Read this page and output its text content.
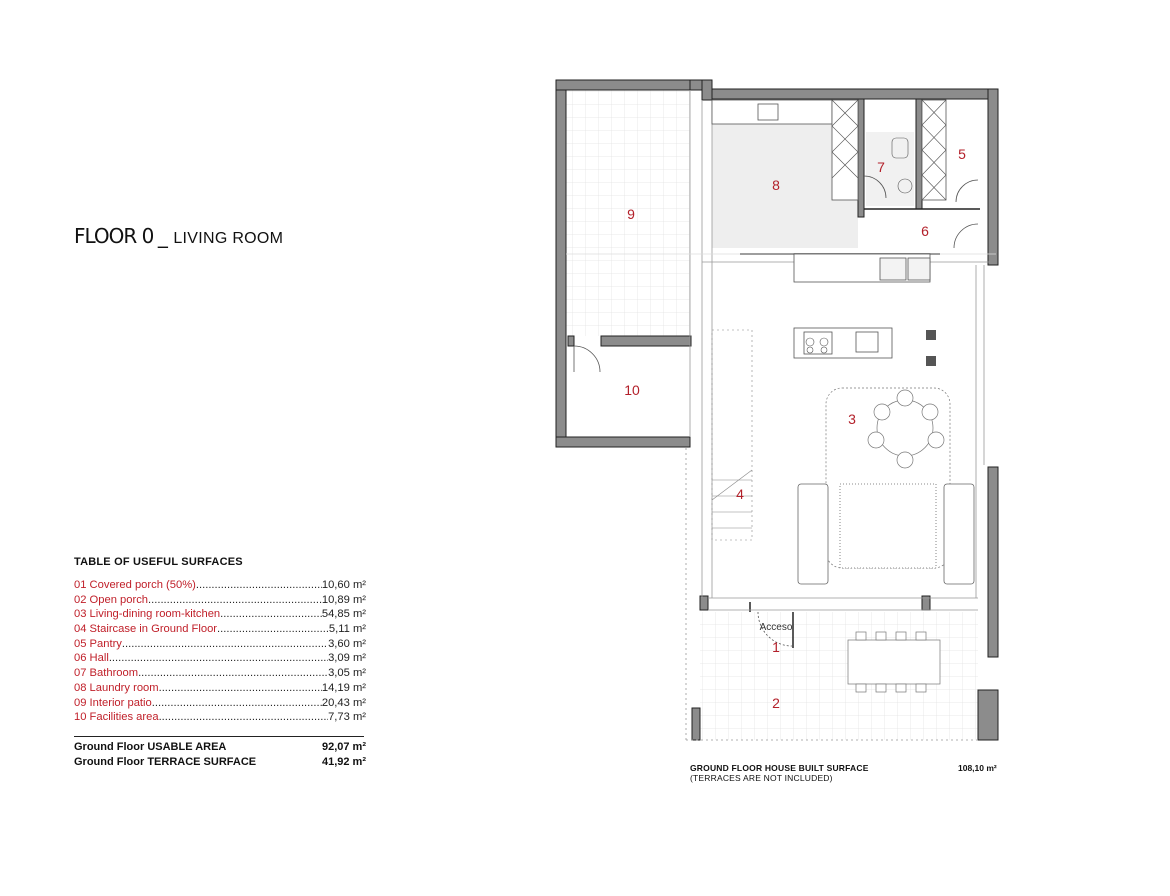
FLOOR 0 _ LIVING ROOM
TABLE OF USEFUL SURFACES
01 Covered porch (50%) .....	10,60 m²
02 Open porch .....	10,89 m²
03 Living-dining room-kitchen .....	54,85 m²
04 Staircase in Ground Floor .....	5,11 m²
05 Pantry .....	3,60 m²
06 Hall .....	3,09 m²
07 Bathroom .....	3,05 m²
08 Laundry room .....	14,19 m²
09 Interior patio .....	20,43 m²
10 Facilities area .....	7,73 m²
Ground Floor USABLE AREA	92,07 m²
Ground Floor TERRACE SURFACE	41,92 m²
GROUND FLOOR HOUSE BUILT SURFACE
(TERRACES ARE NOT INCLUDED)
108,10 m²
1
2
3
4
5
6
7
8
9
10
Acceso
